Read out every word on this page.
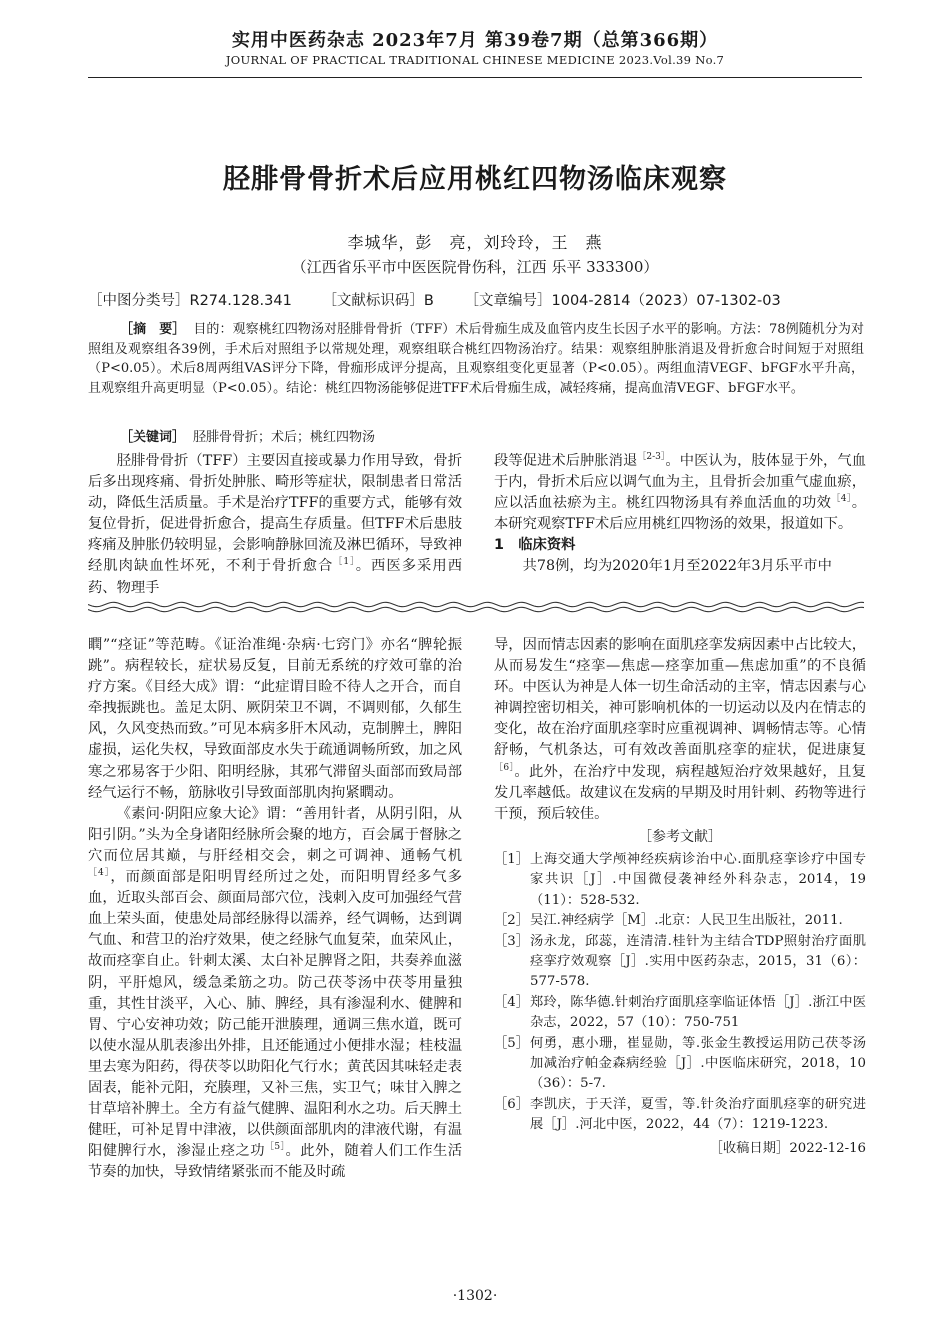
实用中医药杂志 2023年7月 第39卷7期（总第366期）
JOURNAL OF PRACTICAL TRADITIONAL CHINESE MEDICINE 2023.Vol.39 No.7
胫腓骨骨折术后应用桃红四物汤临床观察
李城华，彭　亮，刘玲玲，王　燕
（江西省乐平市中医医院骨伤科，江西 乐平 333300）
［中图分类号］R274.128.341 ［文献标识码］B ［文章编号］1004-2814（2023）07-1302-03
［摘　要］ 目的：观察桃红四物汤对胫腓骨骨折（TFF）术后骨痂生成及血管内皮生长因子水平的影响。方法：78例随机分为对照组及观察组各39例，手术后对照组予以常规处理，观察组联合桃红四物汤治疗。结果：观察组肿胀消退及骨折愈合时间短于对照组（P<0.05）。术后8周两组VAS评分下降，骨痂形成评分提高，且观察组变化更显著（P<0.05）。两组血清VEGF、bFGF水平升高，且观察组升高更明显（P<0.05）。结论：桃红四物汤能够促进TFF术后骨痂生成，减轻疼痛，提高血清VEGF、bFGF水平。
［关键词］ 胫腓骨骨折；术后；桃红四物汤

胫腓骨骨折（TFF）主要因直接或暴力作用导致，骨折后多出现疼痛、骨折处肿胀、畸形等症状，限制患者日常活动，降低生活质量。手术是治疗TFF的重要方式，能够有效复位骨折，促进骨折愈合，提高生存质量。但TFF术后患肢疼痛及肿胀仍较明显，会影响静脉回流及淋巴循环，导致神经肌肉缺血性坏死，不利于骨折愈合$^{[1]}$。西医多采用西药、物理手

段等促进术后肿胀消退$^{[2-3]}$。中医认为，肢体显于外，气血于内，骨折术后应以调气血为主，且骨折会加重气虚血瘀，应以活血祛瘀为主。桃红四物汤具有养血活血的功效$^{[4]}$。本研究观察TFF术后应用桃红四物汤的效果，报道如下。

1　临床资料

共78例，均为2020年1月至2022年3月乐平市中

瞤”“痉证”等范畴。《证治准绳·杂病·七窍门》亦名“脾轮振跳”。病程较长，症状易反复，目前无系统的疗效可靠的治疗方案。《目经大成》谓：“此症谓目睑不待人之开合，而自牵拽振跳也。盖足太阴、厥阴荣卫不调，不调则郁，久郁生风，久风变热而致。”可见本病多肝木风动，克制脾土，脾阳虚损，运化失权，导致面部皮水失于疏通调畅所致，加之风寒之邪易客于少阳、阳明经脉，其邪气滞留头面部而致局部经气运行不畅，筋脉收引导致面部肌肉拘紧瞤动。

《素问·阴阳应象大论》谓：“善用针者，从阴引阳，从阳引阴。”头为全身诸阳经脉所会聚的地方，百会属于督脉之穴而位居其巅，与肝经相交会，刺之可调神、通畅气机$^{[4]}$，而颜面部是阳明胃经所过之处，而阳明胃经多气多血，近取头部百会、颜面局部穴位，浅刺入皮可加强经气营血上荣头面，使患处局部经脉得以濡养，经气调畅，达到调气血、和营卫的治疗效果，使之经脉气血复荣，血荣风止，故而痉挛自止。针刺太溪、太白补足脾肾之阳，共奏养血滋阴，平肝熄风，缓急柔筋之功。防己茯苓汤中茯苓用量独重，其性甘淡平，入心、肺、脾经，具有渗湿利水、健脾和胃、宁心安神功效；防己能开泄腠理，通调三焦水道，既可以使水湿从肌表渗出外排，且还能通过小便排水湿；桂枝温里去寒为阳药，得茯苓以助阳化气行水；黄芪因其味轻走表固表，能补元阳，充腠理，又补三焦，实卫气；味甘入脾之甘草培补脾土。全方有益气健脾、温阳利水之功。后天脾土健旺，可补足胃中津液，以供颜面部肌肉的津液代谢，有温阳健脾行水，渗湿止痉之功$^{[5]}$。此外，随着人们工作生活节奏的加快，导致情绪紧张而不能及时疏

导，因而情志因素的影响在面肌痉挛发病因素中占比较大，从而易发生“痉挛—焦虑—痉挛加重—焦虑加重”的不良循环。中医认为神是人体一切生命活动的主宰，情志因素与心神调控密切相关，神可影响机体的一切运动以及内在情志的变化，故在治疗面肌痉挛时应重视调神、调畅情志等。心情舒畅，气机条达，可有效改善面肌痉挛的症状，促进康复$^{[6]}$。此外，在治疗中发现，病程越短治疗效果越好，且复发几率越低。故建议在发病的早期及时用针刺、药物等进行干预，预后较佳。

［参考文献］
［1］ 上海交通大学颅神经疾病诊治中心.面肌痉挛诊疗中国专家共识［J］.中国微侵袭神经外科杂志，2014，19（11）：528-532.
［2］ 吴江.神经病学［M］.北京：人民卫生出版社，2011.
［3］ 汤永龙，邱蕊，连清清.桂针为主结合TDP照射治疗面肌痉挛疗效观察［J］.实用中医药杂志，2015，31（6）：577-578.
［4］ 郑玲，陈华德.针刺治疗面肌痉挛临证体悟［J］.浙江中医杂志，2022，57（10）：750-751
［5］ 何勇，惠小珊，崔显勋，等.张金生教授运用防己茯苓汤加减治疗帕金森病经验［J］.中医临床研究，2018，10（36）：5-7.
［6］ 李凯庆，于天洋，夏雪，等.针灸治疗面肌痉挛的研究进展［J］.河北中医，2022，44（7）：1219-1223.
［收稿日期］2022-12-16
·1302·
